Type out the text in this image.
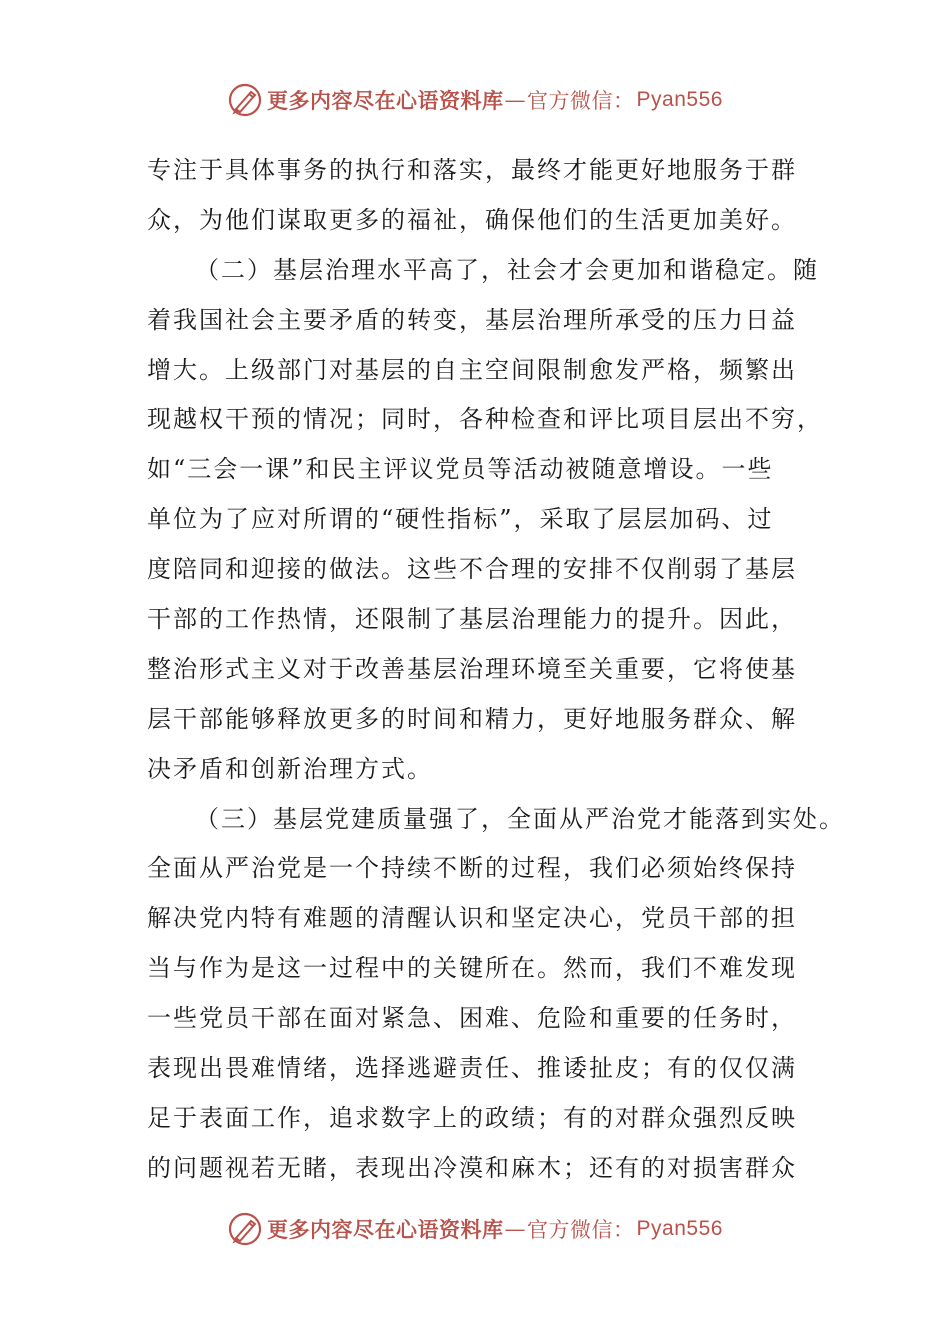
更多内容尽在心语资料库 — 官方微信： Pyan556
专注于具体事务的执行和落实，最终才能更好地服务于群
众，为他们谋取更多的福祉，确保他们的生活更加美好。
（二）基层治理水平高了，社会才会更加和谐稳定。随
着我国社会主要矛盾的转变，基层治理所承受的压力日益
增大。上级部门对基层的自主空间限制愈发严格，频繁出
现越权干预的情况；同时，各种检查和评比项目层出不穷，
如“三会一课”和民主评议党员等活动被随意增设。一些
单位为了应对所谓的“硬性指标”，采取了层层加码、过
度陪同和迎接的做法。这些不合理的安排不仅削弱了基层
干部的工作热情，还限制了基层治理能力的提升。因此，
整治形式主义对于改善基层治理环境至关重要，它将使基
层干部能够释放更多的时间和精力，更好地服务群众、解
决矛盾和创新治理方式。
（三）基层党建质量强了，全面从严治党才能落到实处。
全面从严治党是一个持续不断的过程，我们必须始终保持
解决党内特有难题的清醒认识和坚定决心，党员干部的担
当与作为是这一过程中的关键所在。然而，我们不难发现
一些党员干部在面对紧急、困难、危险和重要的任务时，
表现出畏难情绪，选择逃避责任、推诿扯皮；有的仅仅满
足于表面工作，追求数字上的政绩；有的对群众强烈反映
的问题视若无睹，表现出冷漠和麻木；还有的对损害群众
更多内容尽在心语资料库 — 官方微信： Pyan556
